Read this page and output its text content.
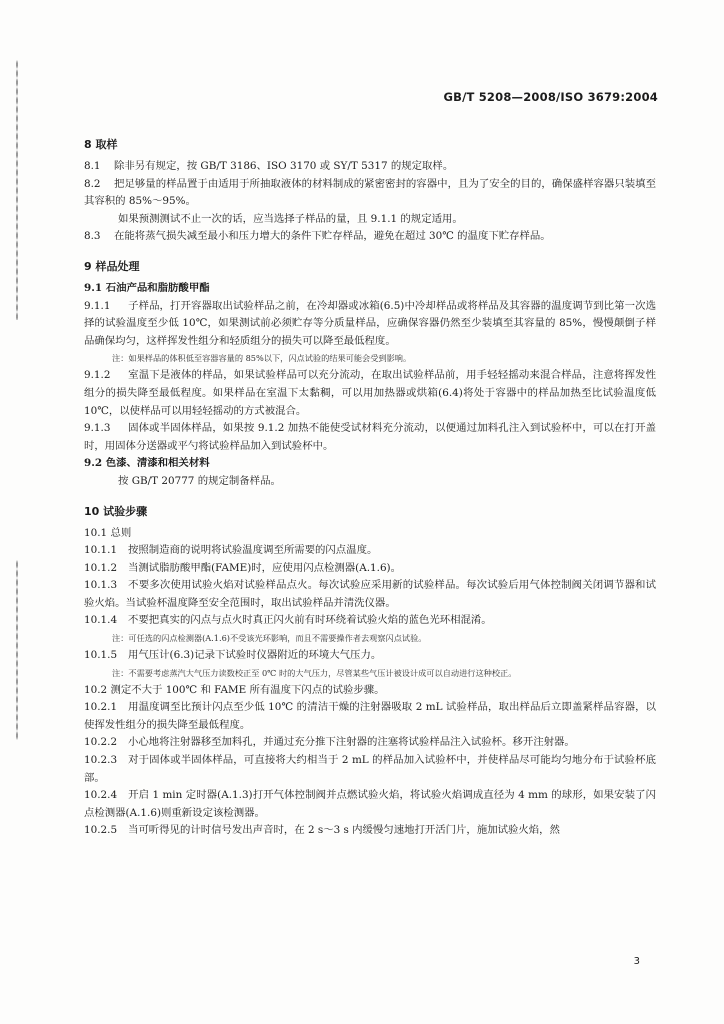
GB/T 5208—2008/ISO 3679:2004
8 取样

8.1 除非另有规定，按 GB/T 3186、ISO 3170 或 SY/T 5317 的规定取样。

8.2 把足够量的样品置于由适用于所抽取液体的材料制成的紧密密封的容器中，且为了安全的目的，确保盛样容器只装填至其容积的 85%～95%。

如果预测测试不止一次的话，应当选择子样品的量，且 9.1.1 的规定适用。

8.3 在能将蒸气损失减至最小和压力增大的条件下贮存样品，避免在超过 30℃ 的温度下贮存样品。

9 样品处理

9.1 石油产品和脂肪酸甲酯

9.1.1 子样品，打开容器取出试验样品之前，在冷却器或冰箱(6.5)中冷却样品或将样品及其容器的温度调节到比第一次选择的试验温度至少低 10℃，如果测试前必须贮存等分质量样品，应确保容器仍然至少装填至其容量的 85%，慢慢颠倒子样品确保均匀，这样挥发性组分和轻质组分的损失可以降至最低程度。

注：如果样品的体积低至容器容量的 85%以下，闪点试验的结果可能会受到影响。

9.1.2 室温下是液体的样品，如果试验样品可以充分流动，在取出试验样品前，用手轻轻摇动来混合样品，注意将挥发性组分的损失降至最低程度。如果样品在室温下太黏稠，可以用加热器或烘箱(6.4)将处于容器中的样品加热至比试验温度低 10℃，以使样品可以用轻轻摇动的方式被混合。

9.1.3 固体或半固体样品，如果按 9.1.2 加热不能使受试材料充分流动，以便通过加料孔注入到试验杯中，可以在打开盖时，用固体分送器或平勺将试验样品加入到试验杯中。

9.2 色漆、清漆和相关材料

按 GB/T 20777 的规定制备样品。

10 试验步骤

10.1 总则

10.1.1 按照制造商的说明将试验温度调至所需要的闪点温度。

10.1.2 当测试脂肪酸甲酯(FAME)时，应使用闪点检测器(A.1.6)。

10.1.3 不要多次使用试验火焰对试验样品点火。每次试验应采用新的试验样品。每次试验后用气体控制阀关闭调节器和试验火焰。当试验杯温度降至安全范围时，取出试验样品并清洗仪器。

10.1.4 不要把真实的闪点与点火时真正闪火前有时环绕着试验火焰的蓝色光环相混淆。

注：可任选的闪点检测器(A.1.6)不受该光环影响，而且不需要操作者去观察闪点试验。

10.1.5 用气压计(6.3)记录下试验时仪器附近的环境大气压力。

注：不需要考虑蒸汽大气压力读数校正至 0℃ 时的大气压力，尽管某些气压计被设计成可以自动进行这种校正。

10.2 测定不大于 100℃ 和 FAME 所有温度下闪点的试验步骤。

10.2.1 用温度调至比预计闪点至少低 10℃ 的清洁干燥的注射器吸取 2 mL 试验样品，取出样品后立即盖紧样品容器，以使挥发性组分的损失降至最低程度。

10.2.2 小心地将注射器移至加料孔，并通过充分推下注射器的注塞将试验样品注入试验杯。移开注射器。

10.2.3 对于固体或半固体样品，可直接将大约相当于 2 mL 的样品加入试验杯中，并使样品尽可能均匀地分布于试验杯底部。

10.2.4 开启 1 min 定时器(A.1.3)打开气体控制阀并点燃试验火焰，将试验火焰调成直径为 4 mm 的球形，如果安装了闪点检测器(A.1.6)则重新设定该检测器。

10.2.5 当可听得见的计时信号发出声音时，在 2 s～3 s 内缓慢匀速地打开活门片，施加试验火焰，然

3
